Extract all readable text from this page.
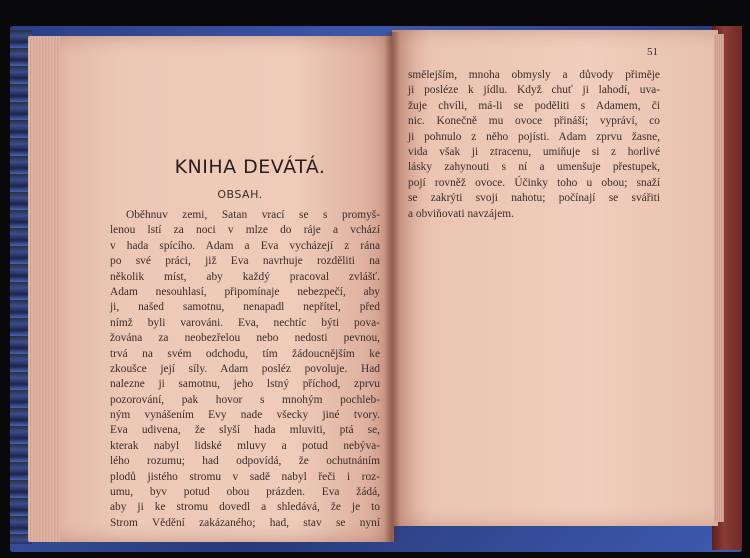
KNIHA DEVÁTÁ.
OBSAH.
Oběhnuv zemi, Satan vrací se s promyš-
lenou lstí za noci v mlze do ráje a vchází
v hada spícího. Adam a Eva vycházejí z rána
po své práci, již Eva navrhuje rozděliti na
několik míst, aby každý pracoval zvlášť.
Adam nesouhlasí, připomínaje nebezpečí, aby
ji, našed samotnu, nenapadl nepřítel, před
nímž byli varováni. Eva, nechtíc býti pova-
žována za neobezřelou nebo nedosti pevnou,
trvá na svém odchodu, tím žádoucnějším ke
zkoušce její síly. Adam posléz povoluje. Had
nalezne ji samotnu, jeho lstný příchod, zprvu
pozorování, pak hovor s mnohým pochleb-
ným vynášením Evy nade všecky jiné tvory.
Eva udivena, že slyší hada mluviti, ptá se,
kterak nabyl lidské mluvy a potud nebýva-
lého rozumu; had odpovídá, že ochutnáním
plodů jistého stromu v sadě nabyl řeči i roz-
umu, byv potud obou prázden. Eva žádá,
aby ji ke stromu dovedl a shledává, že je to
Strom Vědění zakázaného; had, stav se nyní
51
smělejším, mnoha obmysly a důvody přiměje
ji posléze k jídlu. Když chuť ji lahodí, uva-
žuje chvíli, má-li se poděliti s Adamem, či
nic. Konečně mu ovoce přináší; vypráví, co
ji pohnulo z něho pojísti. Adam zprvu žasne,
vida však ji ztracenu, umiňuje si z horlivé
lásky zahynouti s ní a umenšuje přestupek,
pojí rovněž ovoce. Účinky toho u obou; snaží
se zakrýti svoji nahotu; počínají se svářiti
a obviňovati navzájem.
